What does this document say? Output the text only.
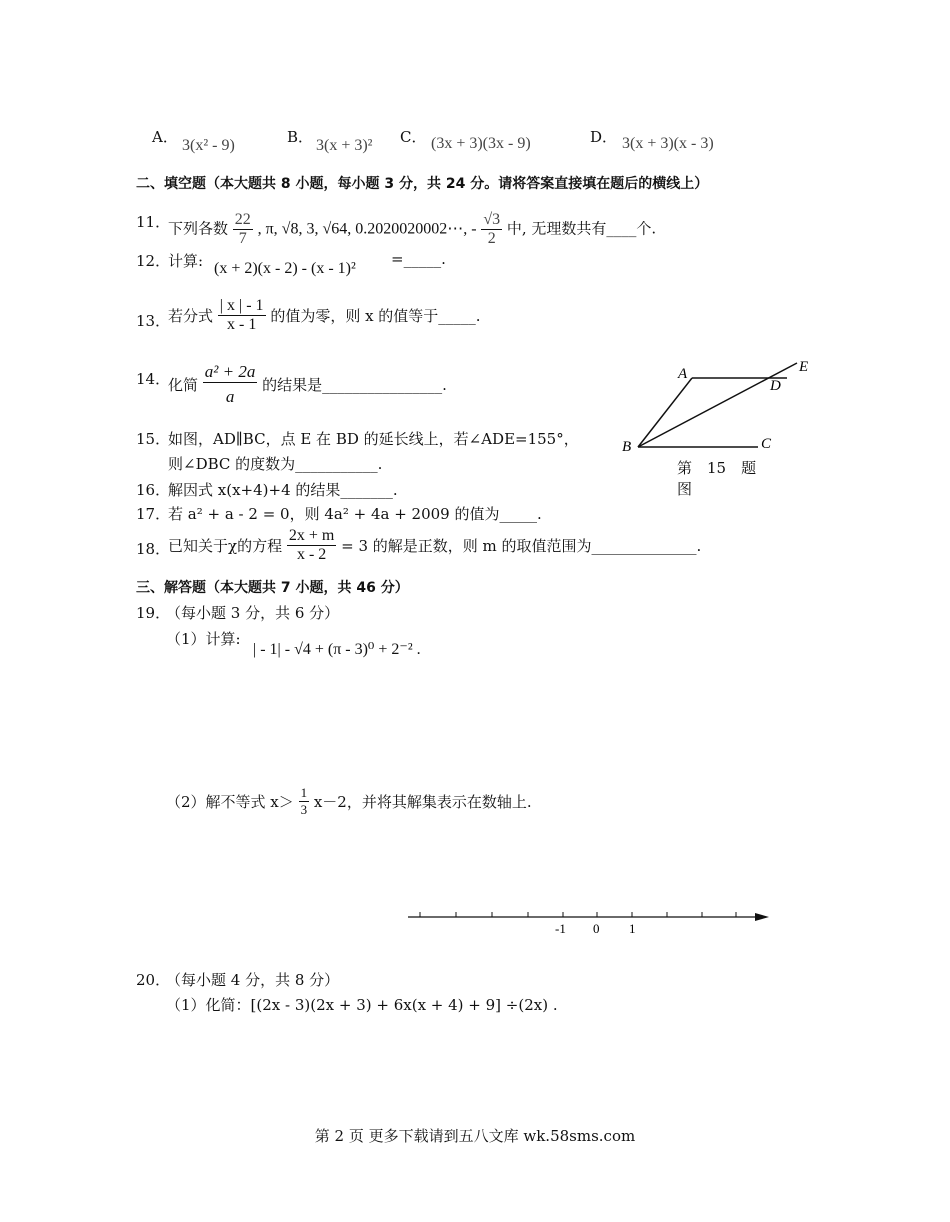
A． 3(x² - 9)	B． 3(x + 3)² C． (3x + 3)(3x - 9)	D． 3(x + 3)(x - 3)
二、填空题（本大题共 8 小题，每小题 3 分，共 24 分。请将答案直接填在题后的横线上）
11．
下列各数 $\frac{22}{7}$ , π, √8, 3, √64, 0.2020020002⋯, - $\frac{√3}{2}$ 中, 无理数共有____个.
12．
计算: (x + 2)(x - 2) - (x - 1)²
=_____.
13．
若分式 $\frac{| x | - 1}{x - 1}$ 的值为零，则 x 的值等于_____.
14．
化简 $\frac{\text{a² + 2a}}{a}$ 的结果是________________.
15．
如图，AD∥BC，点 E 在 BD 的延长线上，若∠ADE=155°，
则∠DBC 的度数为___________.
A
B	C
D
E
第　15　题
图
16．
解因式 x(x+4)+4 的结果_______.
17．
若 a² + a - 2 = 0，则 4a² + 4a + 2009 的值为_____.
18．
已知关于χ的方程 $\frac{2x + m}{x - 2} = 3$ 的解是正数，则 m 的取值范围为______________.
三、解答题（本大题共 7 小题，共 46 分）
19．
（每小题 3 分，共 6 分）
（1）计算:
| - 1| - √4 + (π - 3)⁰ + 2⁻² .
（2）解不等式 $x> \frac{1}{3} x-2$，并将其解集表示在数轴上.
-1 0 1
20．
（每小题 4 分，共 8 分）
（1）化简：[(2x - 3)(2x + 3) + 6x(x + 4) + 9] ÷(2x) .
第 2 页 更多下载请到五八文库 wk.58sms.com
